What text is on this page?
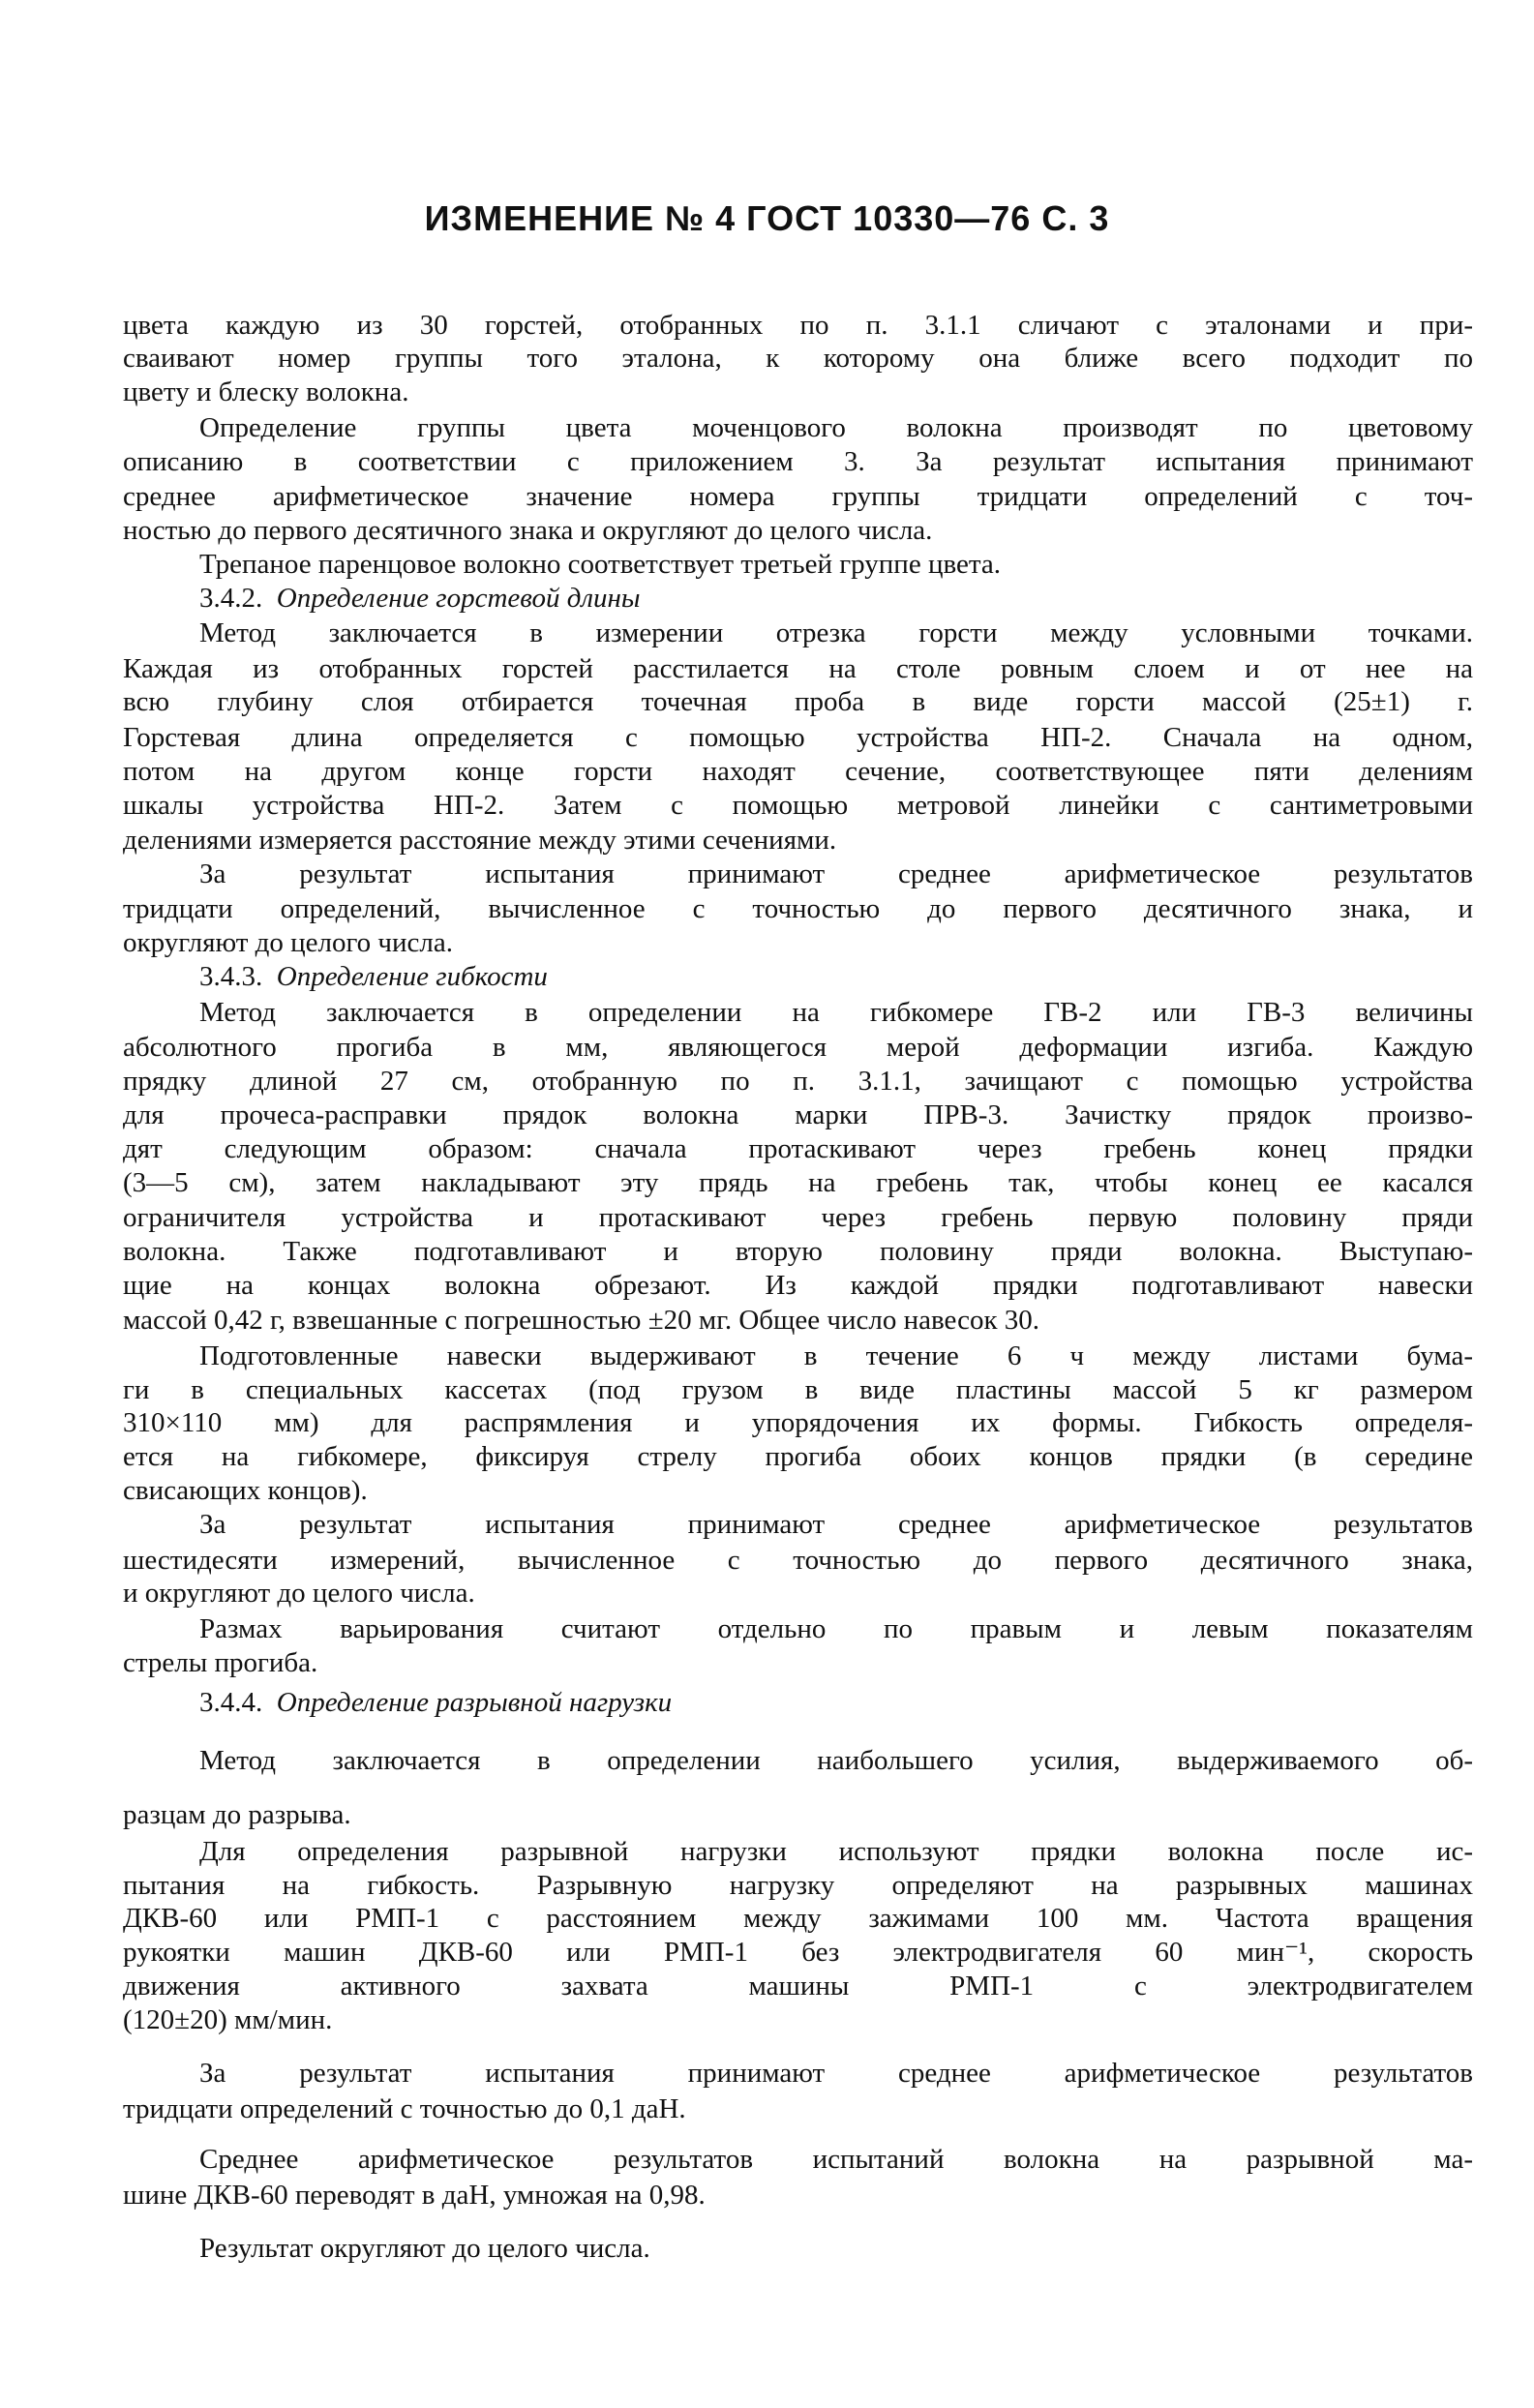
ИЗМЕНЕНИЕ № 4 ГОСТ 10330—76 С. 3
цвета каждую из 30 горстей, отобранных по п. 3.1.1 сличают с эталонами и при-
сваивают номер группы того эталона, к которому она ближе всего подходит по
цвету и блеску волокна.
Определение группы цвета моченцового волокна производят по цветовому
описанию в соответствии с приложением 3. За результат испытания принимают
среднее арифметическое значение номера группы тридцати определений с точ-
ностью до первого десятичного знака и округляют до целого числа.
Трепаное паренцовое волокно соответствует третьей группе цвета.
3.4.2. Определение горстевой длины
Метод заключается в измерении отрезка горсти между условными точками.
Каждая из отобранных горстей расстилается на столе ровным слоем и от нее на
всю глубину слоя отбирается точечная проба в виде горсти массой (25±1) г.
Горстевая длина определяется с помощью устройства НП-2. Сначала на одном,
потом на другом конце горсти находят сечение, соответствующее пяти делениям
шкалы устройства НП-2. Затем с помощью метровой линейки с сантиметровыми
делениями измеряется расстояние между этими сечениями.
За результат испытания принимают среднее арифметическое результатов
тридцати определений, вычисленное с точностью до первого десятичного знака, и
округляют до целого числа.
3.4.3. Определение гибкости
Метод заключается в определении на гибкомере ГВ-2 или ГВ-3 величины
абсолютного прогиба в мм, являющегося мерой деформации изгиба. Каждую
прядку длиной 27 см, отобранную по п. 3.1.1, зачищают с помощью устройства
для прочеса-расправки прядок волокна марки ПРВ-3. Зачистку прядок произво-
дят следующим образом: сначала протаскивают через гребень конец прядки
(3—5 см), затем накладывают эту прядь на гребень так, чтобы конец ее касался
ограничителя устройства и протаскивают через гребень первую половину пряди
волокна. Также подготавливают и вторую половину пряди волокна. Выступаю-
щие на концах волокна обрезают. Из каждой прядки подготавливают навески
массой 0,42 г, взвешанные с погрешностью ±20 мг. Общее число навесок 30.
Подготовленные навески выдерживают в течение 6 ч между листами бума-
ги в специальных кассетах (под грузом в виде пластины массой 5 кг размером
310×110 мм) для распрямления и упорядочения их формы. Гибкость определя-
ется на гибкомере, фиксируя стрелу прогиба обоих концов прядки (в середине
свисающих концов).
За результат испытания принимают среднее арифметическое результатов
шестидесяти измерений, вычисленное с точностью до первого десятичного знака,
и округляют до целого числа.
Размах варьирования считают отдельно по правым и левым показателям
стрелы прогиба.
3.4.4. Определение разрывной нагрузки
Метод заключается в определении наибольшего усилия, выдерживаемого об-
разцам до разрыва.
Для определения разрывной нагрузки используют прядки волокна после ис-
пытания на гибкость. Разрывную нагрузку определяют на разрывных машинах
ДКВ-60 или РМП-1 с расстоянием между зажимами 100 мм. Частота вращения
рукоятки машин ДКВ-60 или РМП-1 без электродвигателя 60 мин⁻¹, скорость
движения активного захвата машины РМП-1 с электродвигателем
(120±20) мм/мин.
За результат испытания принимают среднее арифметическое результатов
тридцати определений с точностью до 0,1 даН.
Среднее арифметическое результатов испытаний волокна на разрывной ма-
шине ДКВ-60 переводят в даН, умножая на 0,98.
Результат округляют до целого числа.
